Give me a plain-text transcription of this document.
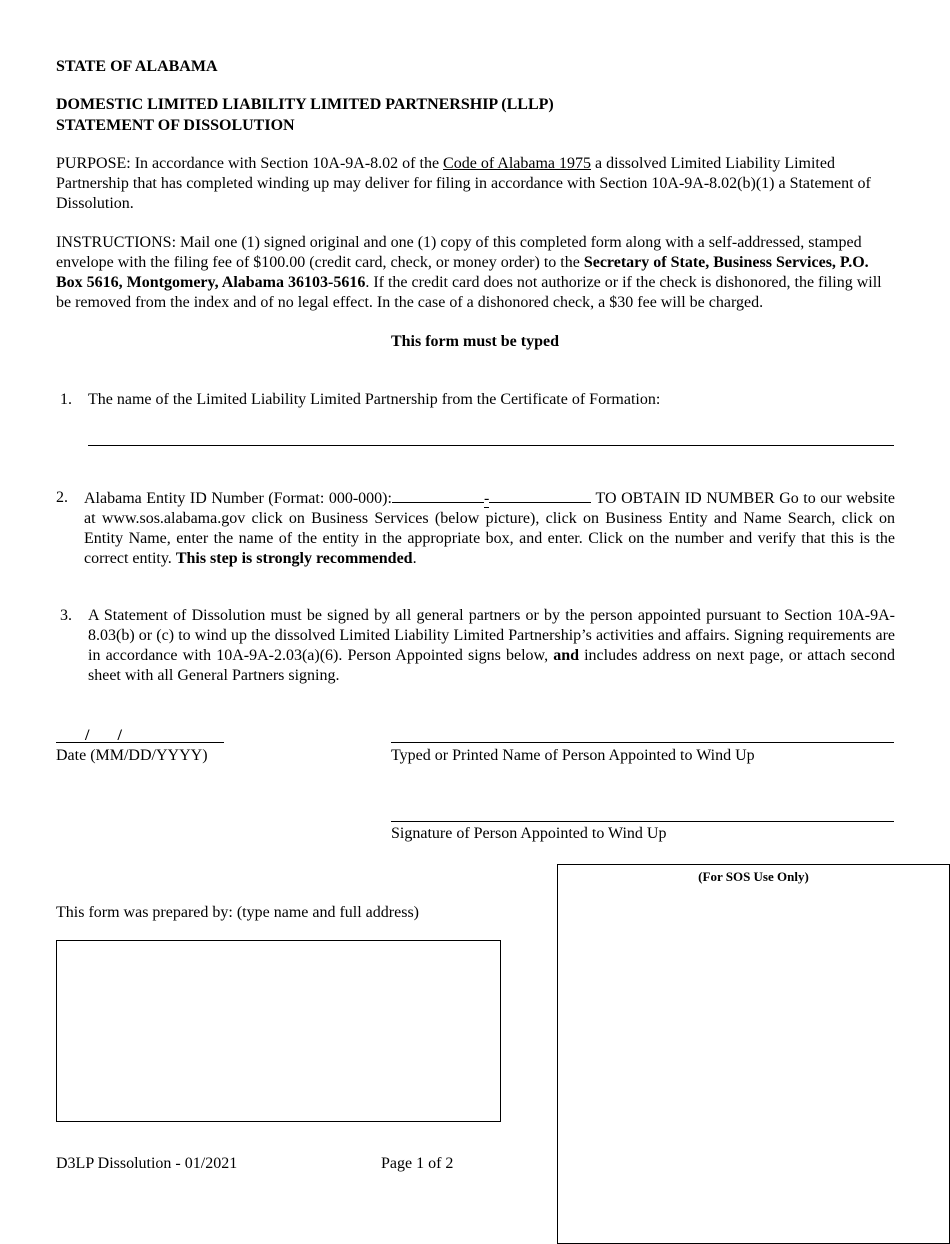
STATE OF ALABAMA
DOMESTIC LIMITED LIABILITY LIMITED PARTNERSHIP (LLLP)
STATEMENT OF DISSOLUTION

PURPOSE: In accordance with Section 10A-9A-8.02 of the Code of Alabama 1975 a dissolved Limited Liability Limited Partnership that has completed winding up may deliver for filing in accordance with Section 10A-9A-8.02(b)(1) a Statement of Dissolution.

INSTRUCTIONS: Mail one (1) signed original and one (1) copy of this completed form along with a self-addressed, stamped envelope with the filing fee of $100.00 (credit card, check, or money order) to the Secretary of State, Business Services, P.O. Box 5616, Montgomery, Alabama 36103-5616. If the credit card does not authorize or if the check is dishonored, the filing will be removed from the index and of no legal effect. In the case of a dishonored check, a $30 fee will be charged.

This form must be typed
1. The name of the Limited Liability Limited Partnership from the Certificate of Formation:
2. Alabama Entity ID Number (Format: 000-000):	-	TO OBTAIN ID NUMBER Go to our website at www.sos.alabama.gov click on Business Services (below picture), click on Business Entity and Name Search, click on Entity Name, enter the name of the entity in the appropriate box, and enter. Click on the number and verify that this is the correct entity. This step is strongly recommended.

3. A Statement of Dissolution must be signed by all general partners or by the person appointed pursuant to Section 10A-9A-8.03(b) or (c) to wind up the dissolved Limited Liability Limited Partnership’s activities and affairs. Signing requirements are in accordance with 10A-9A-2.03(a)(6). Person Appointed signs below, and includes address on next page, or attach second sheet with all General Partners signing.

/       /
Date (MM/DD/YYYY)	Typed or Printed Name of Person Appointed to Wind Up
Signature of Person Appointed to Wind Up
(For SOS Use Only)
This form was prepared by: (type name and full address)
D3LP Dissolution - 01/2021	Page 1 of 2
